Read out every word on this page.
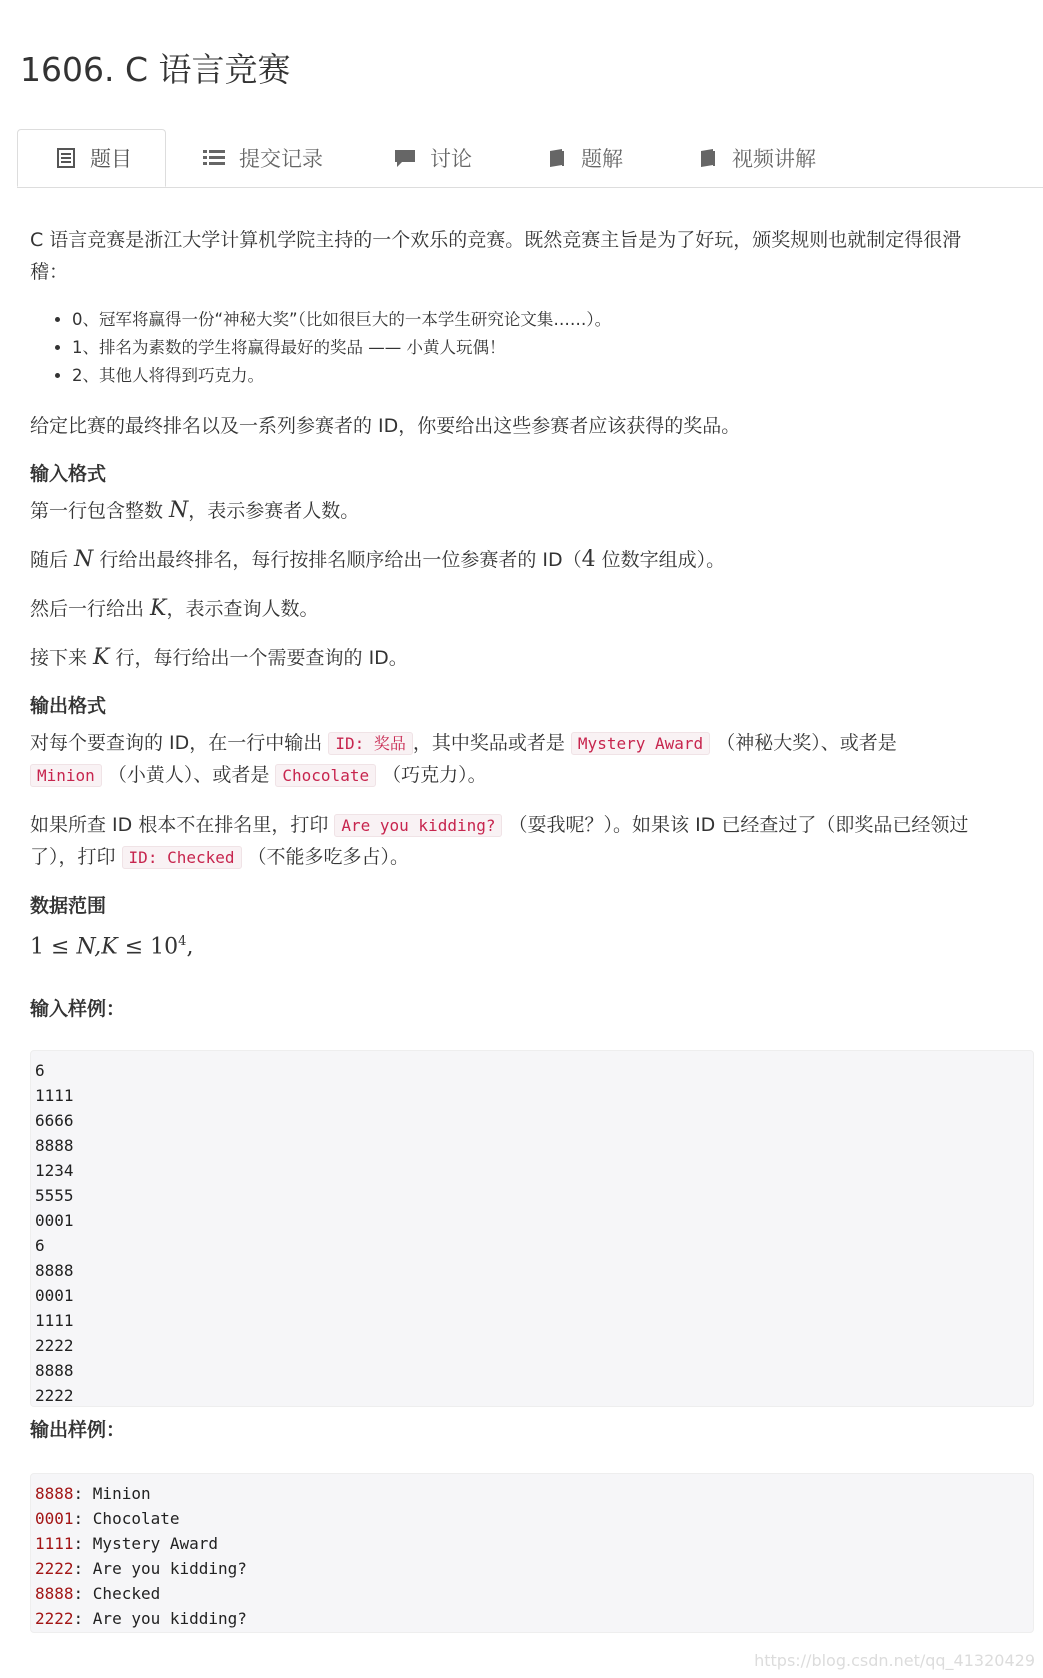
1606. C 语言竞赛
题目	提交记录	讨论	题解	视频讲解

C 语言竞赛是浙江大学计算机学院主持的一个欢乐的竞赛。既然竞赛主旨是为了好玩，颁奖规则也就制定得很滑

稽：

• 0、冠军将赢得一份“神秘大奖”（比如很巨大的一本学生研究论文集……）。
• 1、排名为素数的学生将赢得最好的奖品 —— 小黄人玩偶！
• 2、其他人将得到巧克力。

给定比赛的最终排名以及一系列参赛者的 ID，你要给出这些参赛者应该获得的奖品。

输入格式

第一行包含整数 N，表示参赛者人数。

随后 N 行给出最终排名，每行按排名顺序给出一位参赛者的 ID（4 位数字组成）。

然后一行给出 K，表示查询人数。

接下来 K 行，每行给出一个需要查询的 ID。

输出格式

对每个要查询的 ID，在一行中输出 ID: 奖品 ，其中奖品或者是 Mystery Award （神秘大奖）、或者是

Minion （小黄人）、或者是 Chocolate （巧克力）。

如果所查 ID 根本不在排名里，打印 Are you kidding? （耍我呢？）。如果该 ID 已经查过了（即奖品已经领过

了），打印 ID: Checked （不能多吃多占）。

数据范围

$1 \le N,K \le 10^4$,

输入样例：
输出样例：
6
1111
6666
8888
1234
5555
0001
6
8888
0001
1111
2222
8888
2222
8888: Minion
0001: Chocolate
1111: Mystery Award
2222: Are you kidding?
8888: Checked
2222: Are you kidding?
https://blog.csdn.net/qq_41320429
